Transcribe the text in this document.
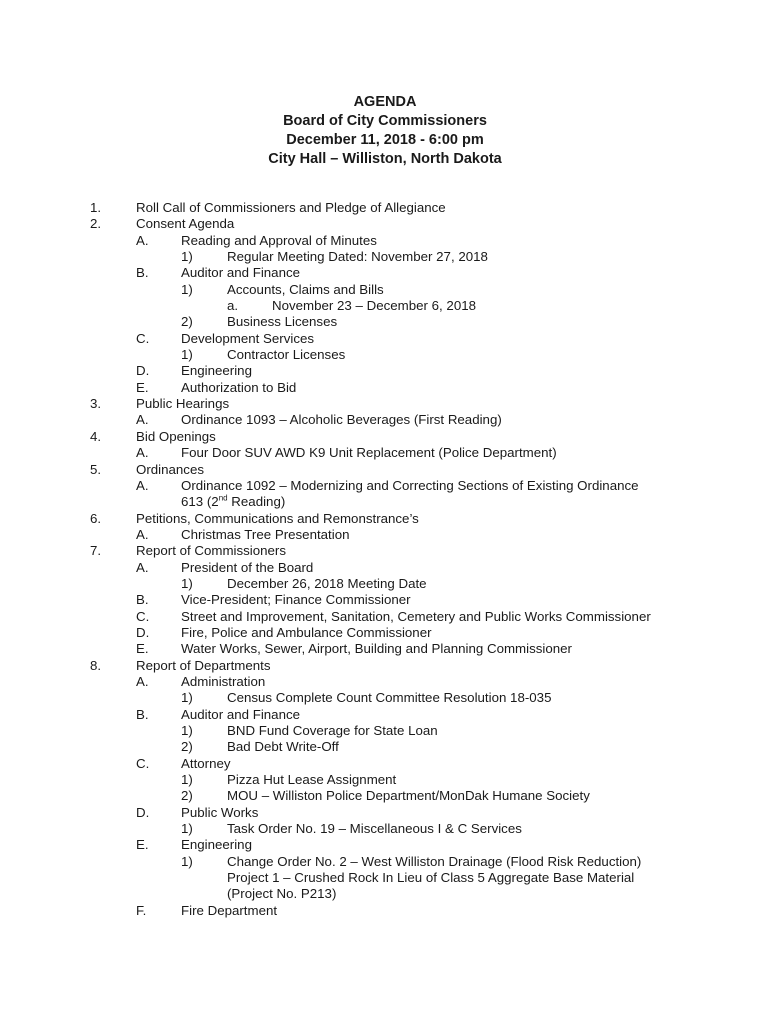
AGENDA
Board of City Commissioners
December 11, 2018 - 6:00 pm
City Hall – Williston, North Dakota
1.	Roll Call of Commissioners and Pledge of Allegiance
2.	Consent Agenda
A. Reading and Approval of Minutes
1)	Regular Meeting Dated: November 27, 2018
B. Auditor and Finance
1)	Accounts, Claims and Bills
a.	November 23 – December 6, 2018
2)	Business Licenses
C. Development Services
1)	Contractor Licenses
D. Engineering
E. Authorization to Bid
3.	Public Hearings
A. Ordinance 1093 – Alcoholic Beverages (First Reading)
4.	Bid Openings
A. Four Door SUV AWD K9 Unit Replacement (Police Department)
5.	Ordinances
A. Ordinance 1092 – Modernizing and Correcting Sections of Existing Ordinance
613 (2nd Reading)
6.	Petitions, Communications and Remonstrance’s
A. Christmas Tree Presentation
7.	Report of Commissioners
A. President of the Board
1)	December 26, 2018 Meeting Date
B. Vice-President; Finance Commissioner
C. Street and Improvement, Sanitation, Cemetery and Public Works Commissioner
D. Fire, Police and Ambulance Commissioner
E. Water Works, Sewer, Airport, Building and Planning Commissioner
8.	Report of Departments
A. Administration
1)	Census Complete Count Committee Resolution 18-035
B. Auditor and Finance
1)	BND Fund Coverage for State Loan
2)	Bad Debt Write-Off
C. Attorney
1)	Pizza Hut Lease Assignment
2)	MOU – Williston Police Department/MonDak Humane Society
D. Public Works
1)	Task Order No. 19 – Miscellaneous I & C Services
E. Engineering
1)	Change Order No. 2 – West Williston Drainage (Flood Risk Reduction)
Project 1 – Crushed Rock In Lieu of Class 5 Aggregate Base Material
(Project No. P213)
F.	Fire Department
